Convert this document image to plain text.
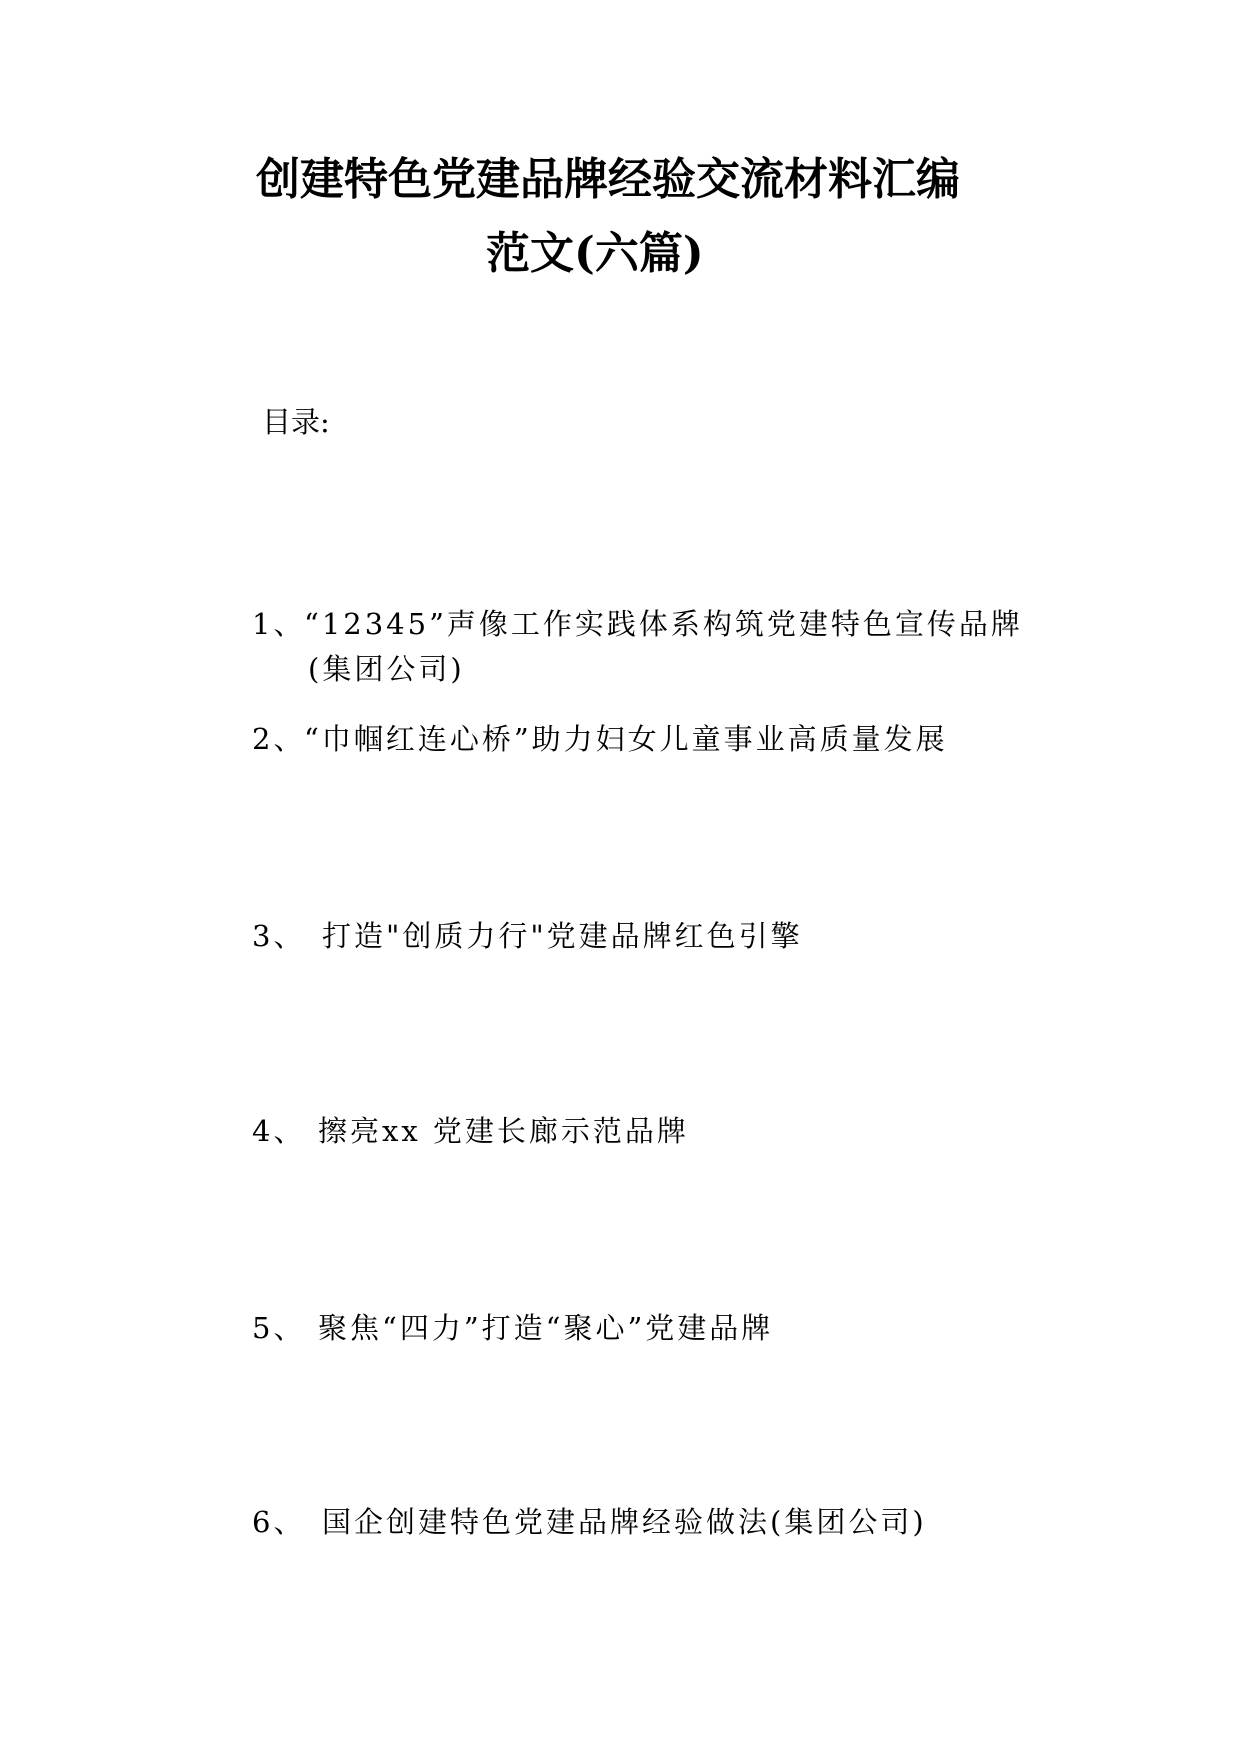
创建特色党建品牌经验交流材料汇编
范文(六篇)
目录:
1、
“12345”声像工作实践体系构筑党建特色宣传品牌
(集团公司)
2、
“巾帼红连心桥”助力妇女儿童事业高质量发展
3、 打造"创质力行"党建品牌红色引擎
4、 擦亮xx 党建长廊示范品牌
5、 聚焦“四力”打造“聚心”党建品牌
6、 国企创建特色党建品牌经验做法(集团公司)
